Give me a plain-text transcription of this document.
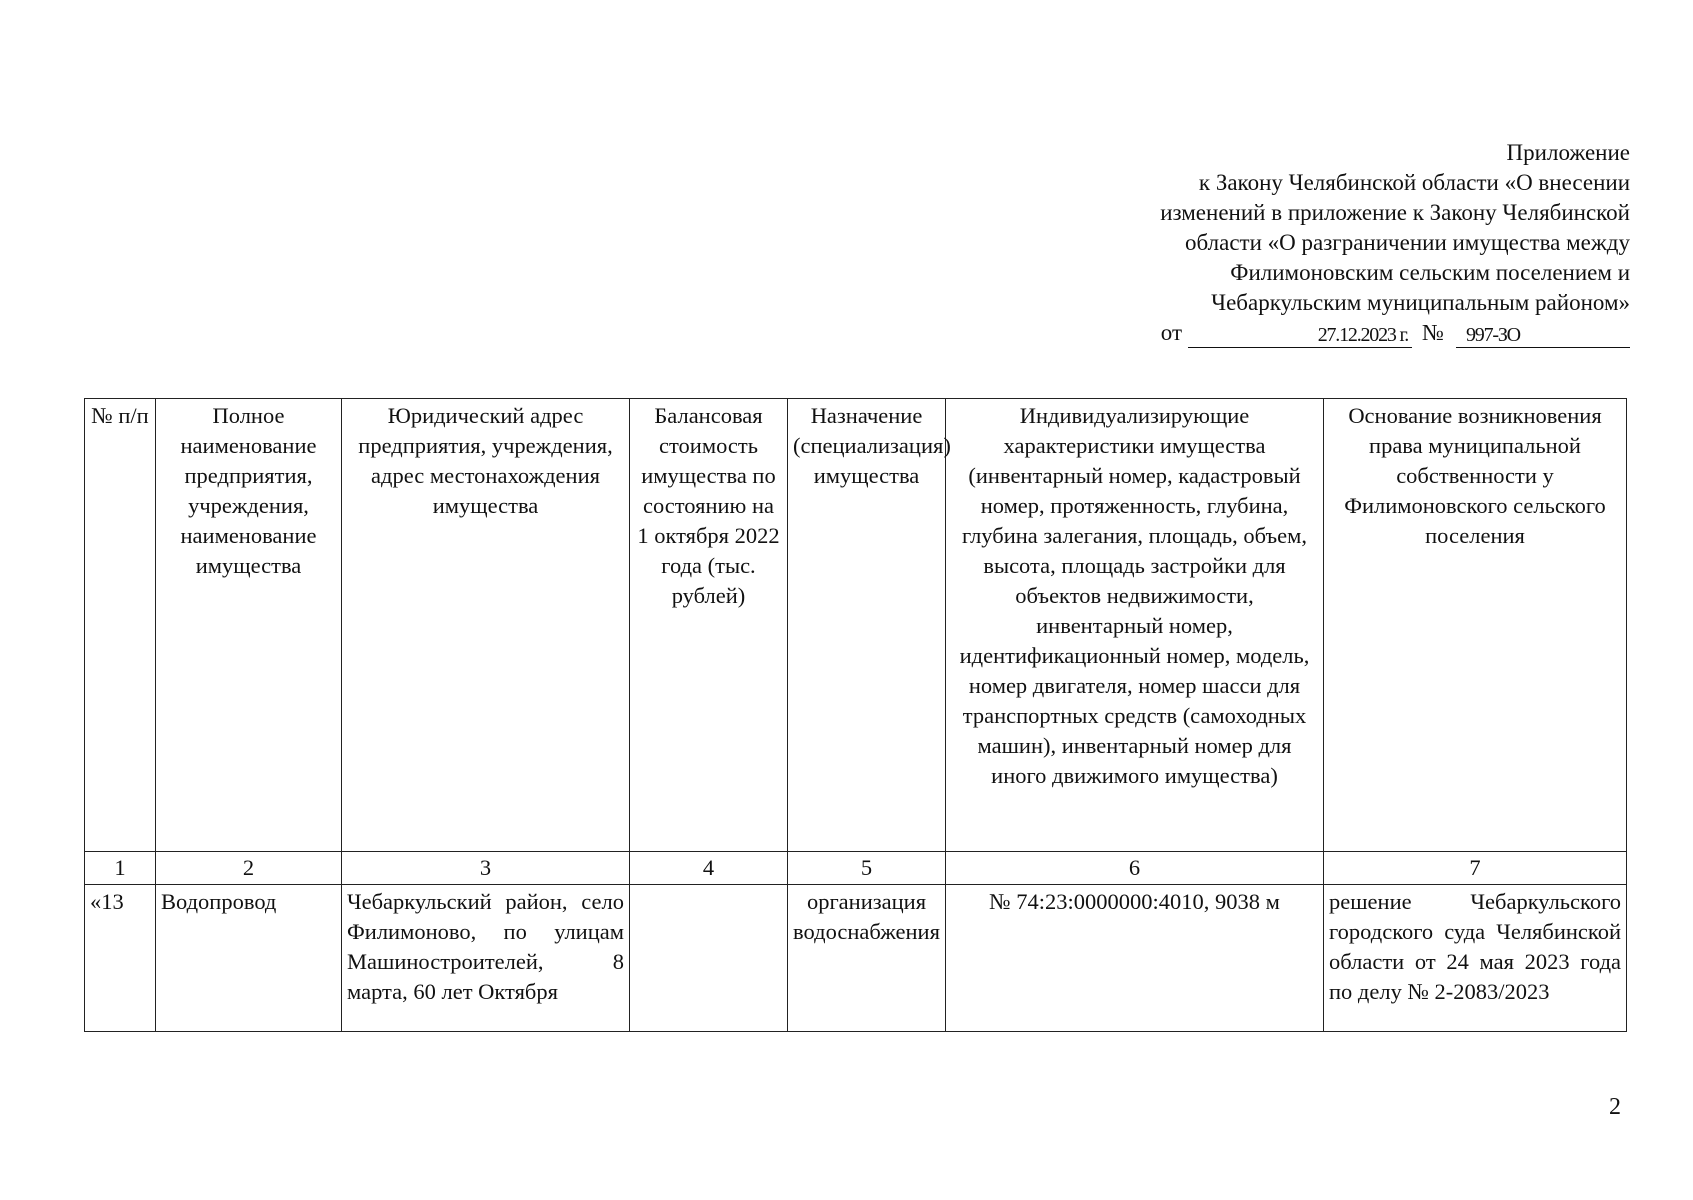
Приложение
к Закону Челябинской области «О внесении
изменений в приложение к Закону Челябинской
области «О разграничении имущества между
Филимоновским сельским поселением и
Чебаркульским муниципальным районом»
от	27.12.2023 г. №	997-ЗО
№ п/п	Полное наименование предприятия, учреждения, наименование имущества	Юридический адрес предприятия, учреждения, адрес местонахождения имущества	Балансовая стоимость имущества по состоянию на 1 октября 2022 года (тыс. рублей)	Назначение (специализация) имущества	Индивидуализирующие характеристики имущества (инвентарный номер, кадастровый номер, протяженность, глубина, глубина залегания, площадь, объем, высота, площадь застройки для объектов недвижимости, инвентарный номер, идентификационный номер, модель, номер двигателя, номер шасси для транспортных средств (самоходных машин), инвентарный номер для иного движимого имущества)	Основание возникновения права муниципальной собственности у Филимоновского сельского поселения
1	2	3	4	5	6	7
«13	Водопровод	Чебаркульский район, село Филимоново, по улицам Машиностроителей, 8 марта, 60 лет Октября		организация водоснабжения	№ 74:23:0000000:4010, 9038 м	решение Чебаркульского городского суда Челябинской области от 24 мая 2023 года по делу № 2-2083/2023
2
